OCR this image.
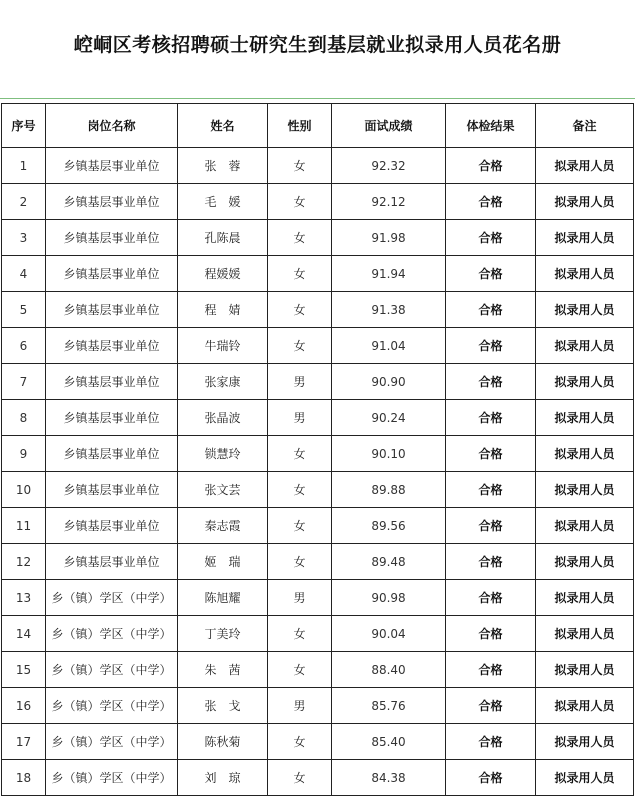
崆峒区考核招聘硕士研究生到基层就业拟录用人员花名册
序号	岗位名称	姓名	性别	面试成绩	体检结果	备注
1	乡镇基层事业单位	张　蓉	女	92.32	合格	拟录用人员
2	乡镇基层事业单位	毛　媛	女	92.12	合格	拟录用人员
3	乡镇基层事业单位	孔陈晨	女	91.98	合格	拟录用人员
4	乡镇基层事业单位	程媛媛	女	91.94	合格	拟录用人员
5	乡镇基层事业单位	程　婧	女	91.38	合格	拟录用人员
6	乡镇基层事业单位	牛瑞铃	女	91.04	合格	拟录用人员
7	乡镇基层事业单位	张家康	男	90.90	合格	拟录用人员
8	乡镇基层事业单位	张晶波	男	90.24	合格	拟录用人员
9	乡镇基层事业单位	锁慧玲	女	90.10	合格	拟录用人员
10	乡镇基层事业单位	张文芸	女	89.88	合格	拟录用人员
11	乡镇基层事业单位	秦志霞	女	89.56	合格	拟录用人员
12	乡镇基层事业单位	姬　瑞	女	89.48	合格	拟录用人员
13	乡（镇）学区（中学）	陈旭耀	男	90.98	合格	拟录用人员
14	乡（镇）学区（中学）	丁美玲	女	90.04	合格	拟录用人员
15	乡（镇）学区（中学）	朱　茜	女	88.40	合格	拟录用人员
16	乡（镇）学区（中学）	张　戈	男	85.76	合格	拟录用人员
17	乡（镇）学区（中学）	陈秋菊	女	85.40	合格	拟录用人员
18	乡（镇）学区（中学）	刘　琼	女	84.38	合格	拟录用人员
